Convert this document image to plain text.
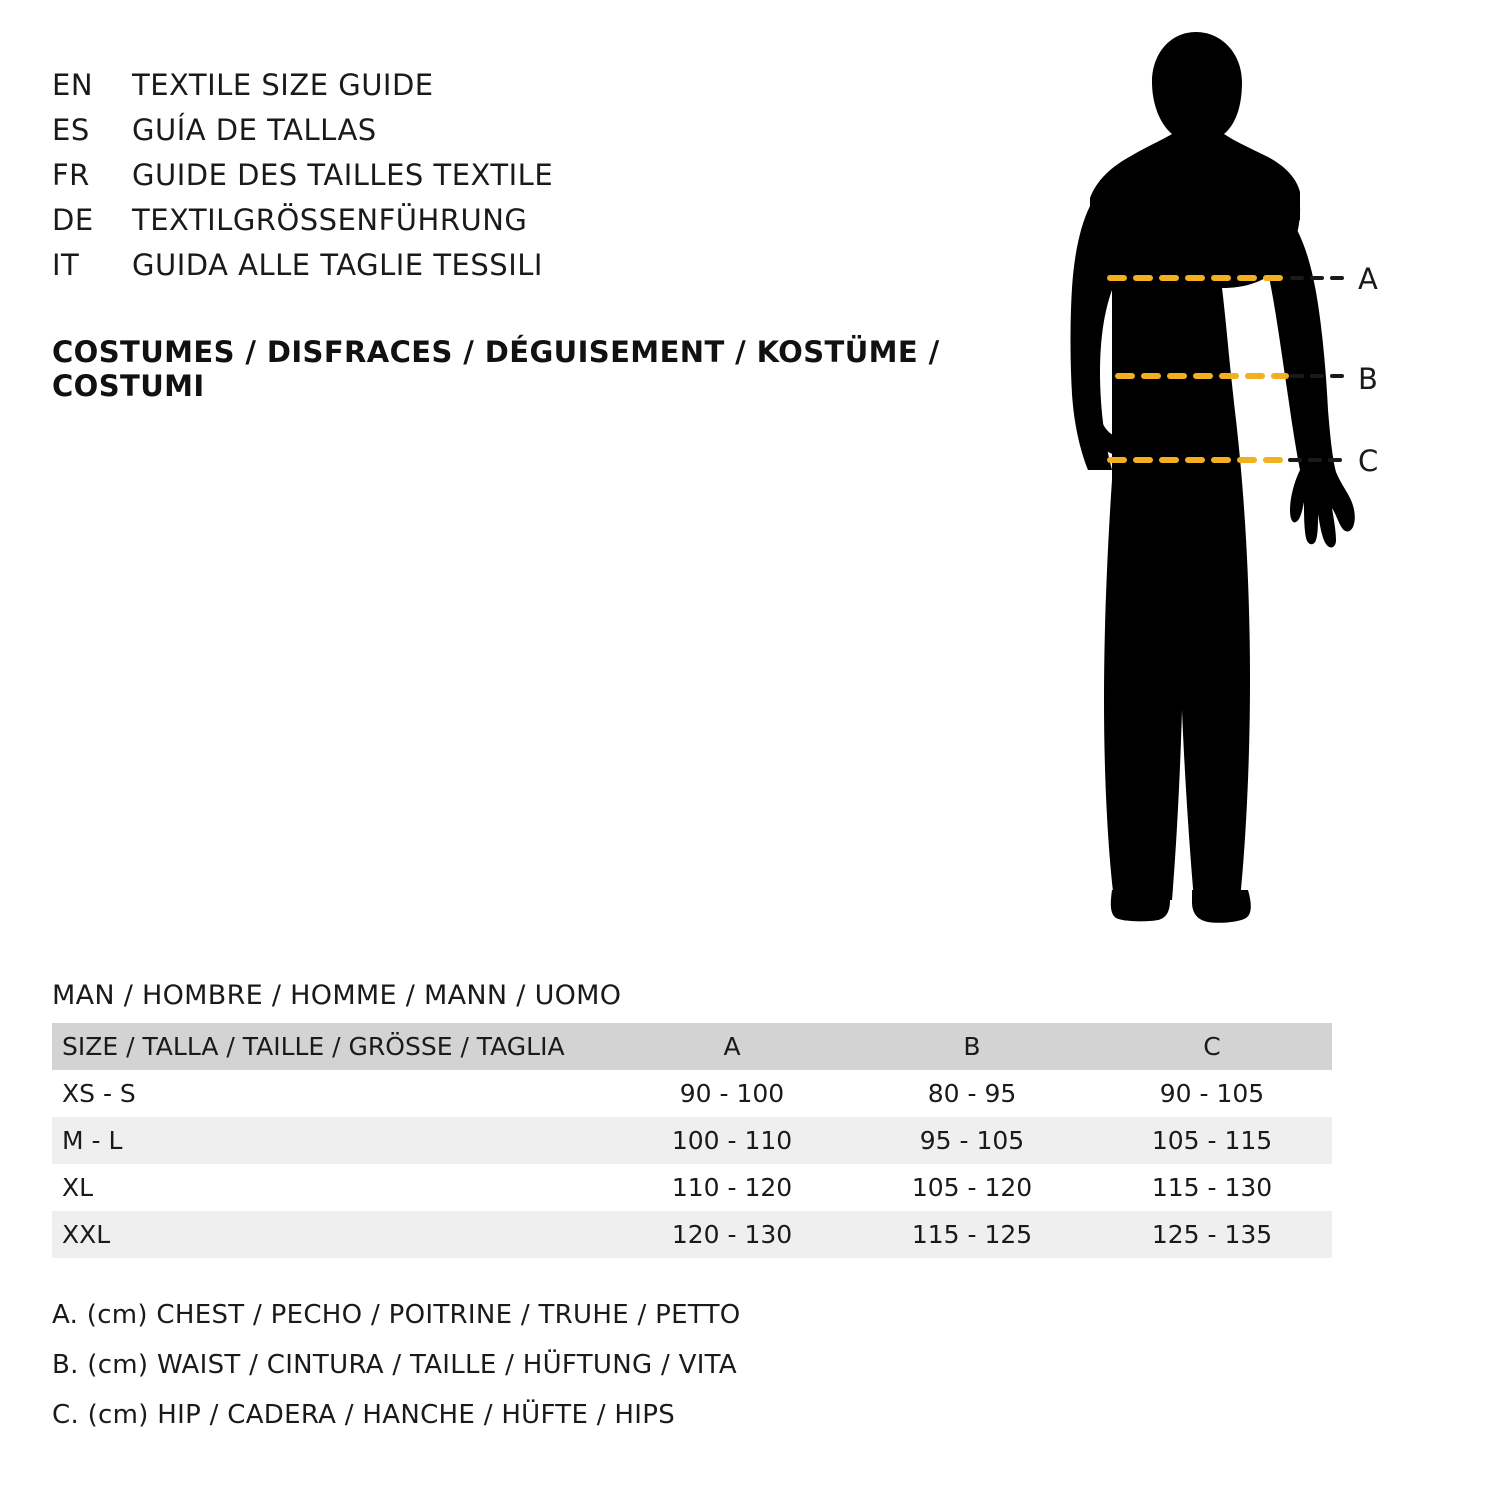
EN	TEXTILE SIZE GUIDE
ES	GUÍA DE TALLAS
FR	GUIDE DES TAILLES TEXTILE
DE	TEXTILGRÖSSENFÜHRUNG
IT	GUIDA ALLE TAGLIE TESSILI
COSTUMES / DISFRACES / DÉGUISEMENT / KOSTÜME / COSTUMI
A
B
C
MAN / HOMBRE / HOMME / MANN / UOMO
SIZE / TALLA / TAILLE / GRÖSSE / TAGLIA	A	B	C
XS - S	90 - 100	80 - 95	90 - 105
M - L	100 - 110	95 - 105	105 - 115
XL	110 - 120	105 - 120	115 - 130
XXL	120 - 130	115 - 125	125 - 135
A. (cm) CHEST / PECHO / POITRINE / TRUHE / PETTO
B. (cm) WAIST / CINTURA / TAILLE / HÜFTUNG / VITA
C. (cm) HIP / CADERA / HANCHE / HÜFTE / HIPS
